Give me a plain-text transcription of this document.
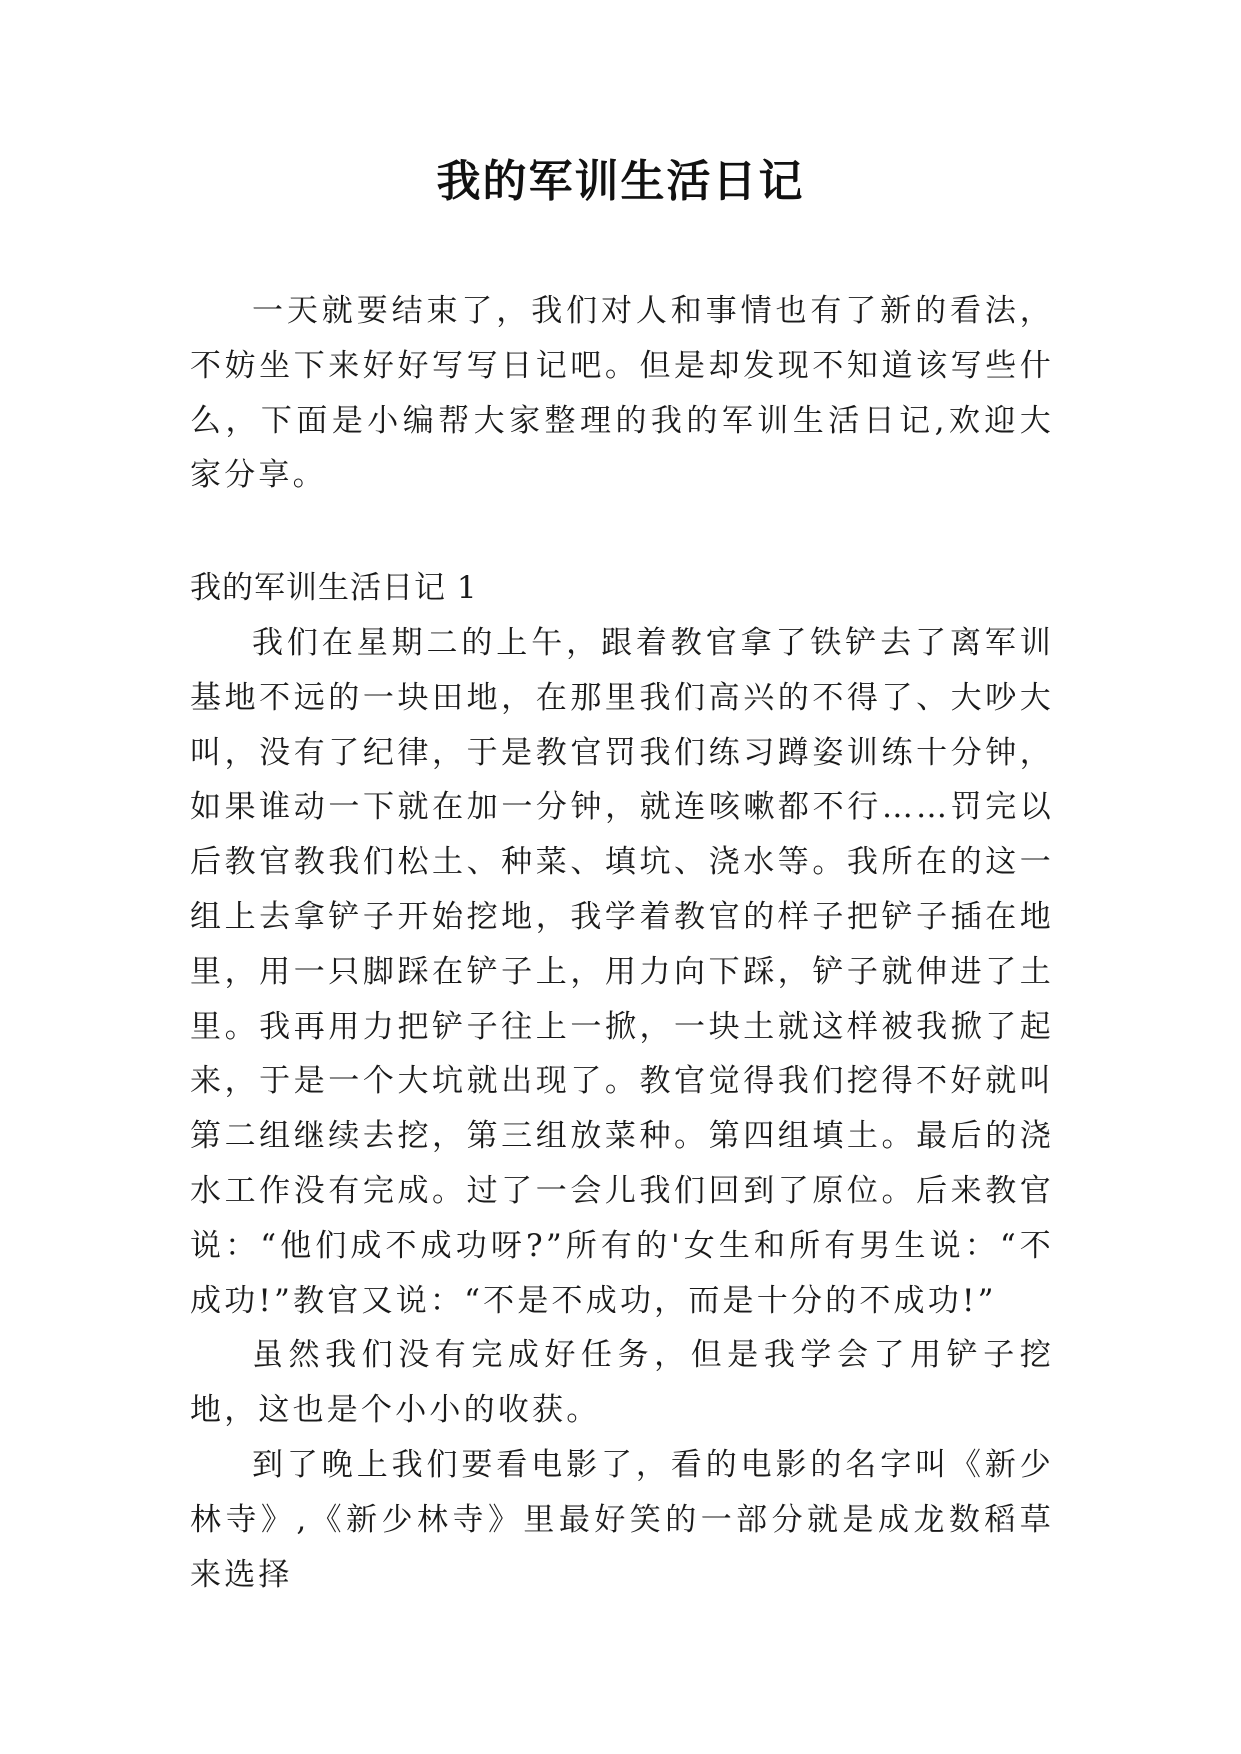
我的军训生活日记

一天就要结束了，我们对人和事情也有了新的看法，不妨坐下来好好写写日记吧。但是却发现不知道该写些什么，下面是小编帮大家整理的我的军训生活日记,欢迎大家分享。

我的军训生活日记 1

我们在星期二的上午，跟着教官拿了铁铲去了离军训基地不远的一块田地，在那里我们高兴的不得了、大吵大叫，没有了纪律，于是教官罚我们练习蹲姿训练十分钟，如果谁动一下就在加一分钟，就连咳嗽都不行……罚完以后教官教我们松土、种菜、填坑、浇水等。我所在的这一组上去拿铲子开始挖地，我学着教官的样子把铲子插在地里，用一只脚踩在铲子上，用力向下踩，铲子就伸进了土里。我再用力把铲子往上一掀，一块土就这样被我掀了起来，于是一个大坑就出现了。教官觉得我们挖得不好就叫第二组继续去挖，第三组放菜种。第四组填土。最后的浇水工作没有完成。过了一会儿我们回到了原位。后来教官说：“他们成不成功呀?”所有的'女生和所有男生说：“不成功!”教官又说：“不是不成功，而是十分的不成功!”

虽然我们没有完成好任务，但是我学会了用铲子挖地，这也是个小小的收获。

到了晚上我们要看电影了，看的电影的名字叫《新少林寺》,《新少林寺》里最好笑的一部分就是成龙数稻草来选择
